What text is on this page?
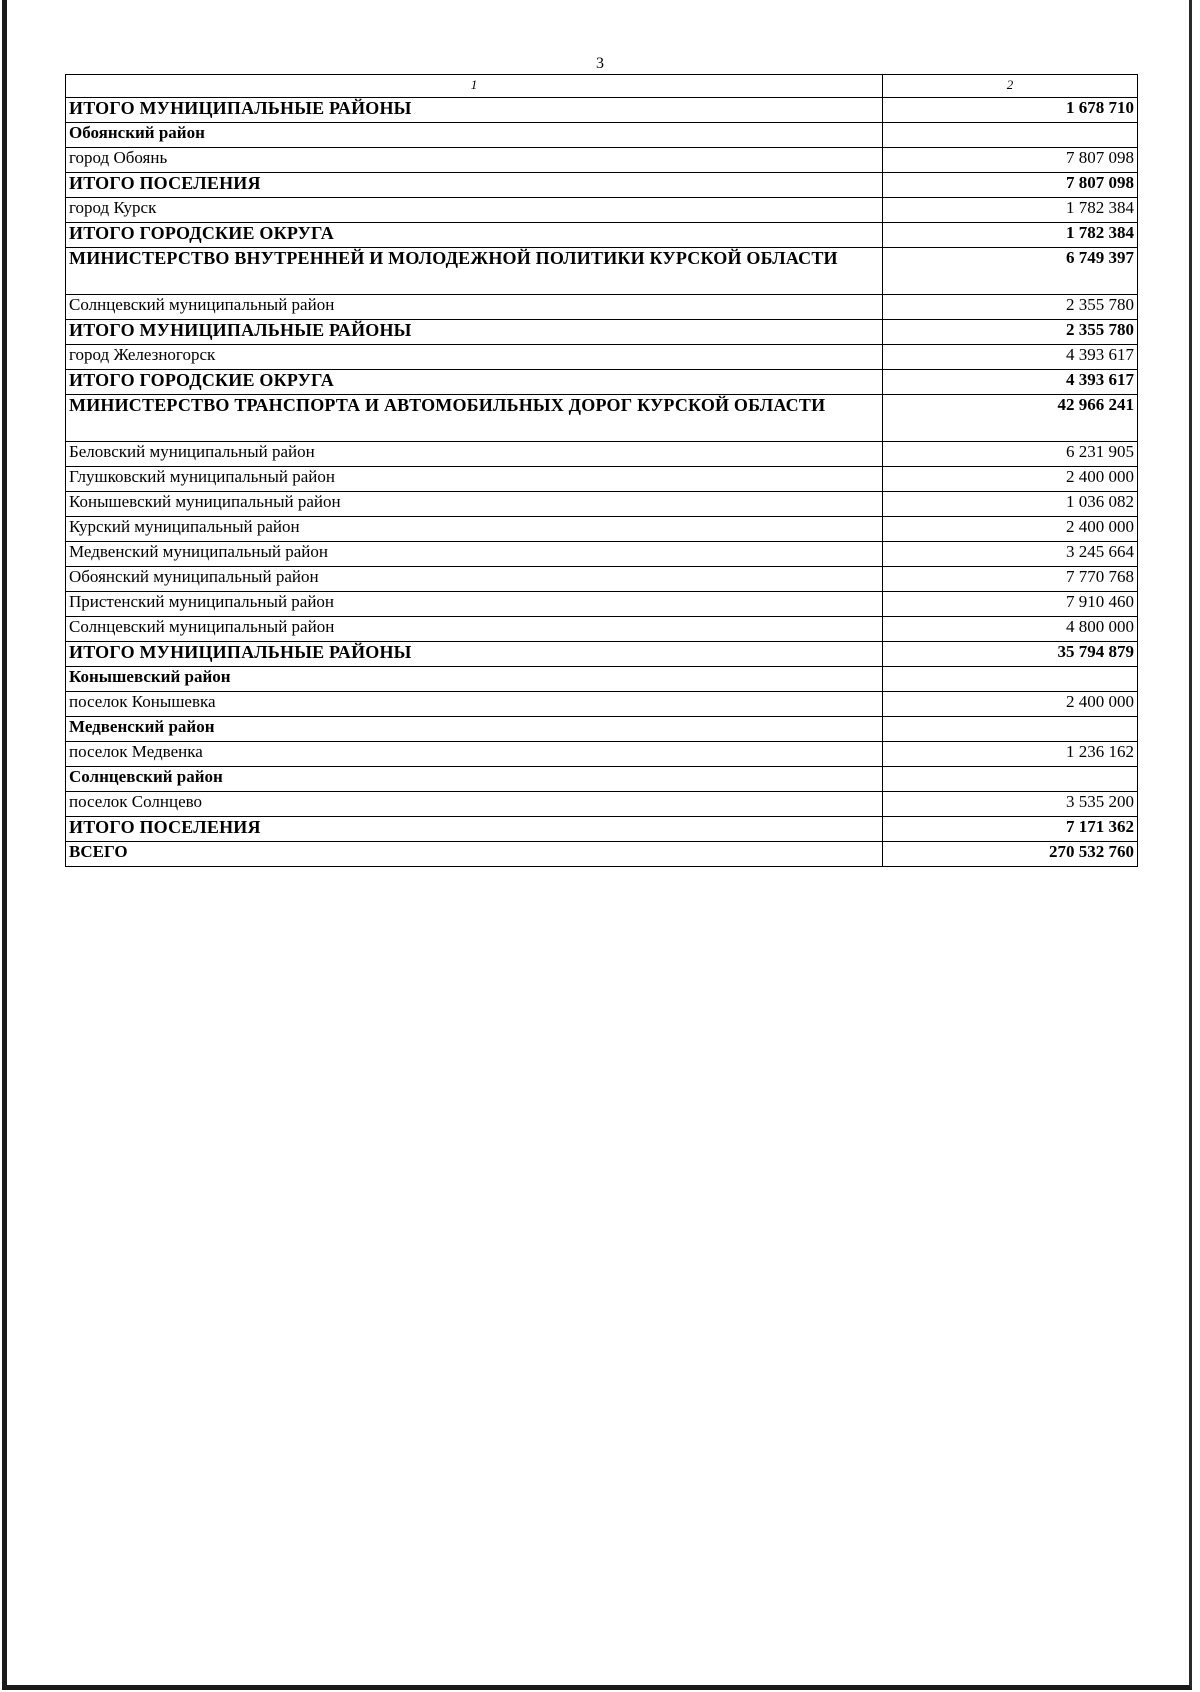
3
1	2
ИТОГО МУНИЦИПАЛЬНЫЕ РАЙОНЫ	1 678 710
Обоянский район	
город Обоянь	7 807 098
ИТОГО ПОСЕЛЕНИЯ	7 807 098
город Курск	1 782 384
ИТОГО ГОРОДСКИЕ ОКРУГА	1 782 384
МИНИСТЕРСТВО ВНУТРЕННЕЙ И МОЛОДЕЖНОЙ ПОЛИТИКИ КУРСКОЙ ОБЛАСТИ	6 749 397
Солнцевский муниципальный район	2 355 780
ИТОГО МУНИЦИПАЛЬНЫЕ РАЙОНЫ	2 355 780
город Железногорск	4 393 617
ИТОГО ГОРОДСКИЕ ОКРУГА	4 393 617
МИНИСТЕРСТВО ТРАНСПОРТА И АВТОМОБИЛЬНЫХ ДОРОГ КУРСКОЙ ОБЛАСТИ	42 966 241
Беловский муниципальный район	6 231 905
Глушковский муниципальный район	2 400 000
Конышевский муниципальный район	1 036 082
Курский муниципальный район	2 400 000
Медвенский муниципальный район	3 245 664
Обоянский муниципальный район	7 770 768
Пристенский муниципальный район	7 910 460
Солнцевский муниципальный район	4 800 000
ИТОГО МУНИЦИПАЛЬНЫЕ РАЙОНЫ	35 794 879
Конышевский район	
поселок Конышевка	2 400 000
Медвенский район	
поселок Медвенка	1 236 162
Солнцевский район	
поселок Солнцево	3 535 200
ИТОГО ПОСЕЛЕНИЯ	7 171 362
ВСЕГО	270 532 760
